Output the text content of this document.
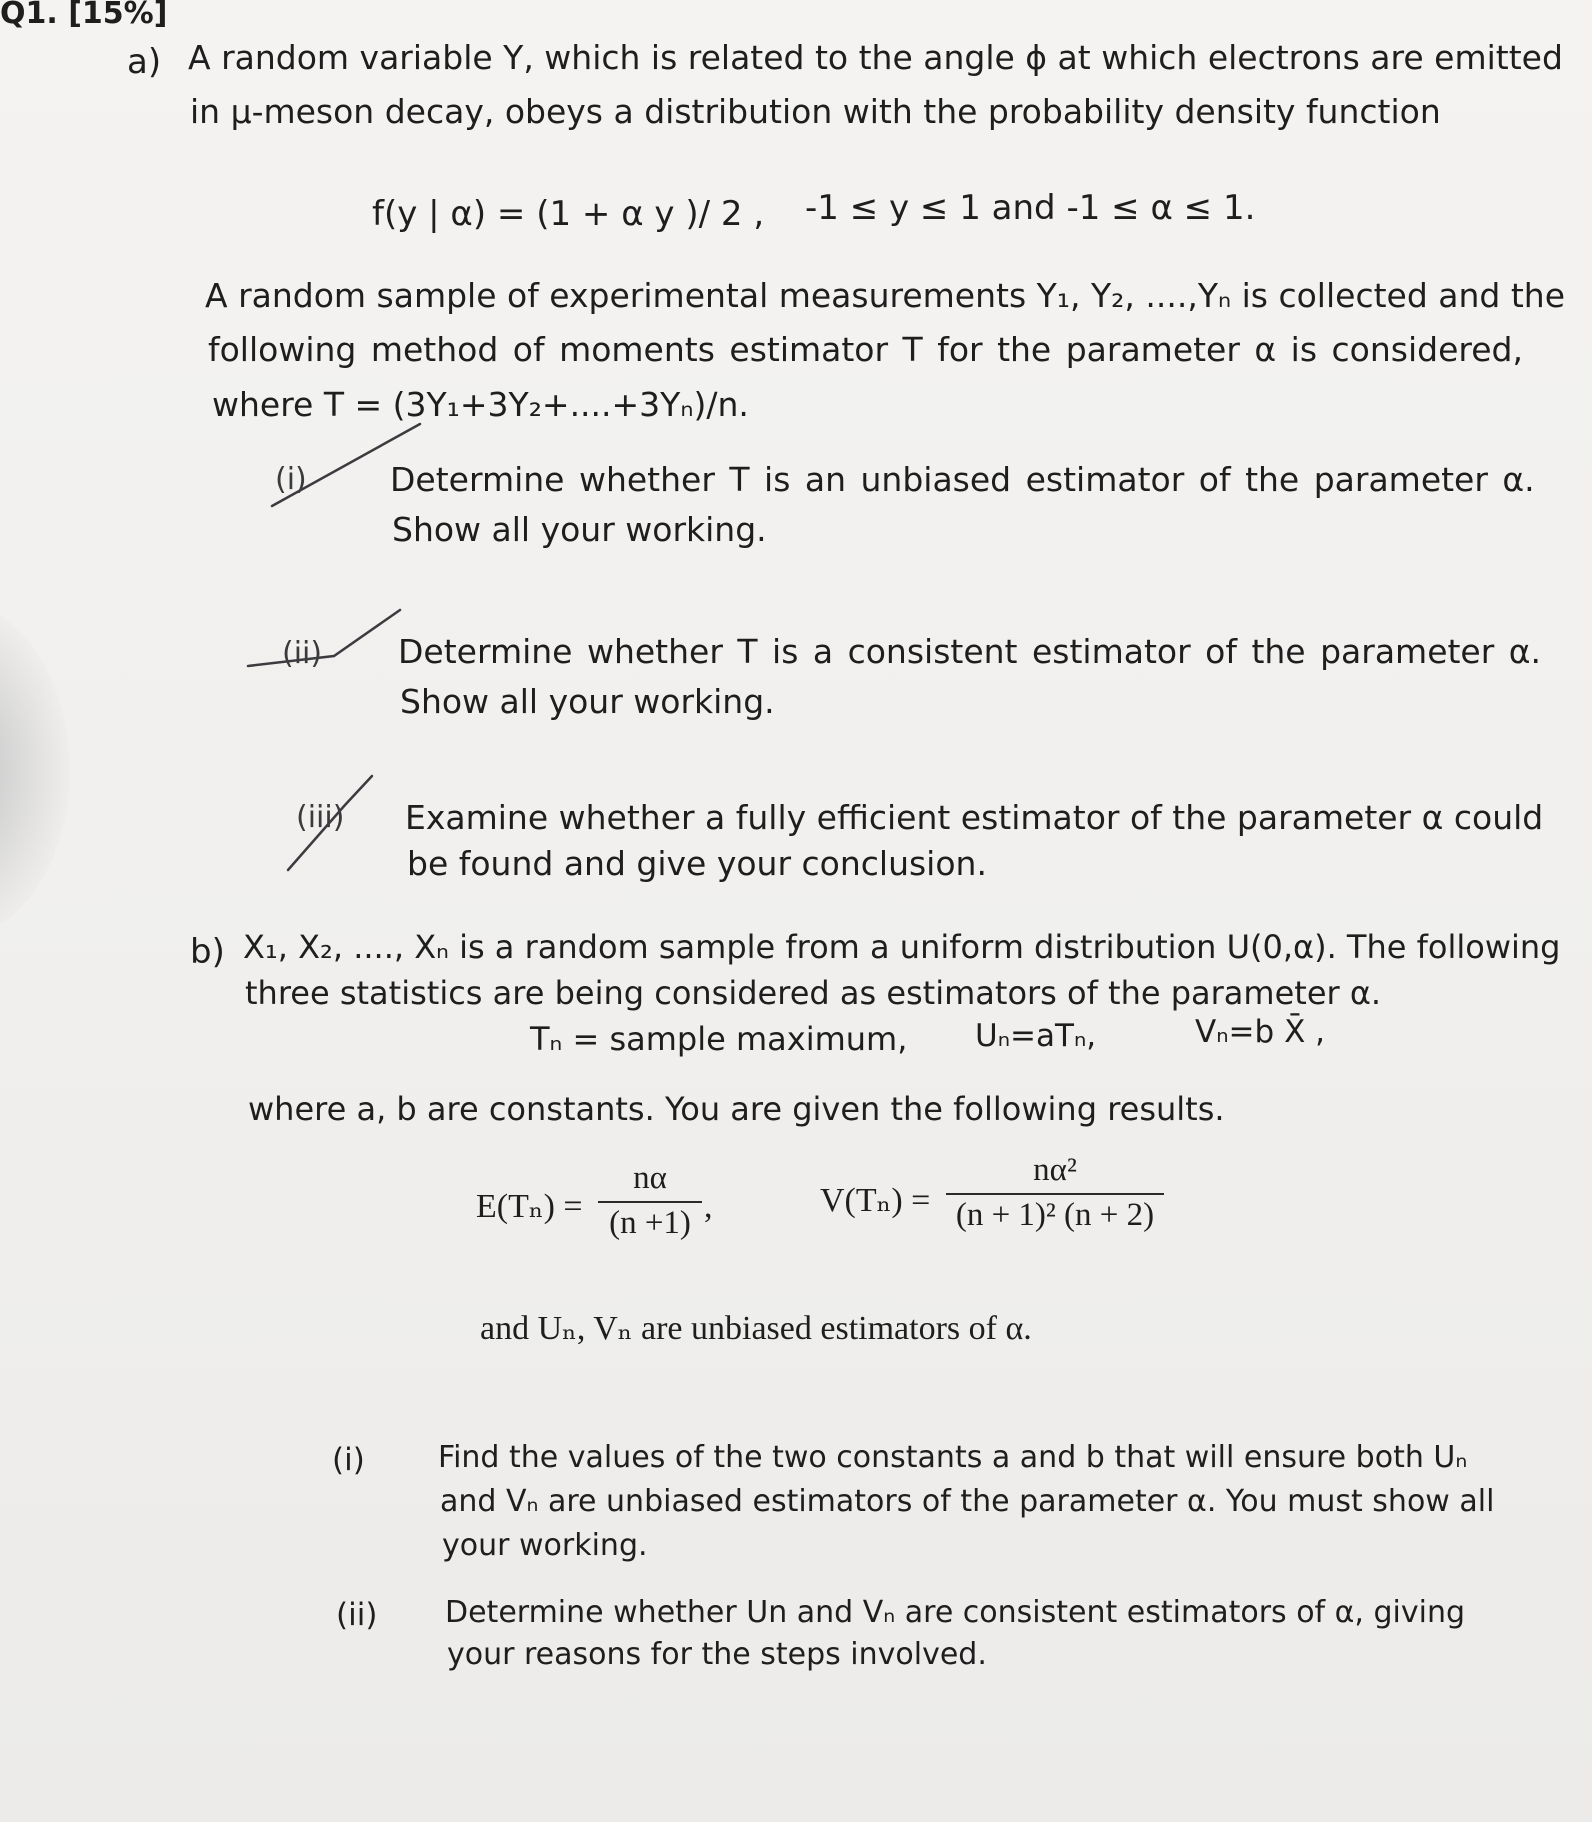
Q1. [15%]
a) A random variable Y, which is related to the angle ϕ at which electrons are emitted
in μ-meson decay, obeys a distribution with the probability density function
f(y | α) = (1 + α y )/ 2 , -1 ≤ y ≤ 1 and -1 ≤ α ≤ 1.
A random sample of experimental measurements Y₁, Y₂, ....,Yₙ is collected and the
following method of moments estimator T for the parameter α is considered,
where T = (3Y₁+3Y₂+....+3Yₙ)/n.
(i)	Determine whether T is an unbiased estimator of the parameter α.
Show all your working.
(ii) Determine whether T is a consistent estimator of the parameter α.
Show all your working.
(iii) Examine whether a fully efficient estimator of the parameter α could
be found and give your conclusion.
b) X₁, X₂, ...., Xₙ is a random sample from a uniform distribution U(0,α). The following
three statistics are being considered as estimators of the parameter α.
Tₙ = sample maximum, Uₙ=aTₙ,	Vₙ=b X̄ ,
where a, b are constants. You are given the following results.
E(Tₙ) =
nα
(n +1) ,	V(Tₙ) =
nα²
(n + 1)² (n + 2)
and Uₙ, Vₙ are unbiased estimators of α.
(i) Find the values of the two constants a and b that will ensure both Uₙ
and Vₙ are unbiased estimators of the parameter α. You must show all
your working.
(ii) Determine whether Un and Vₙ are consistent estimators of α, giving
your reasons for the steps involved.
